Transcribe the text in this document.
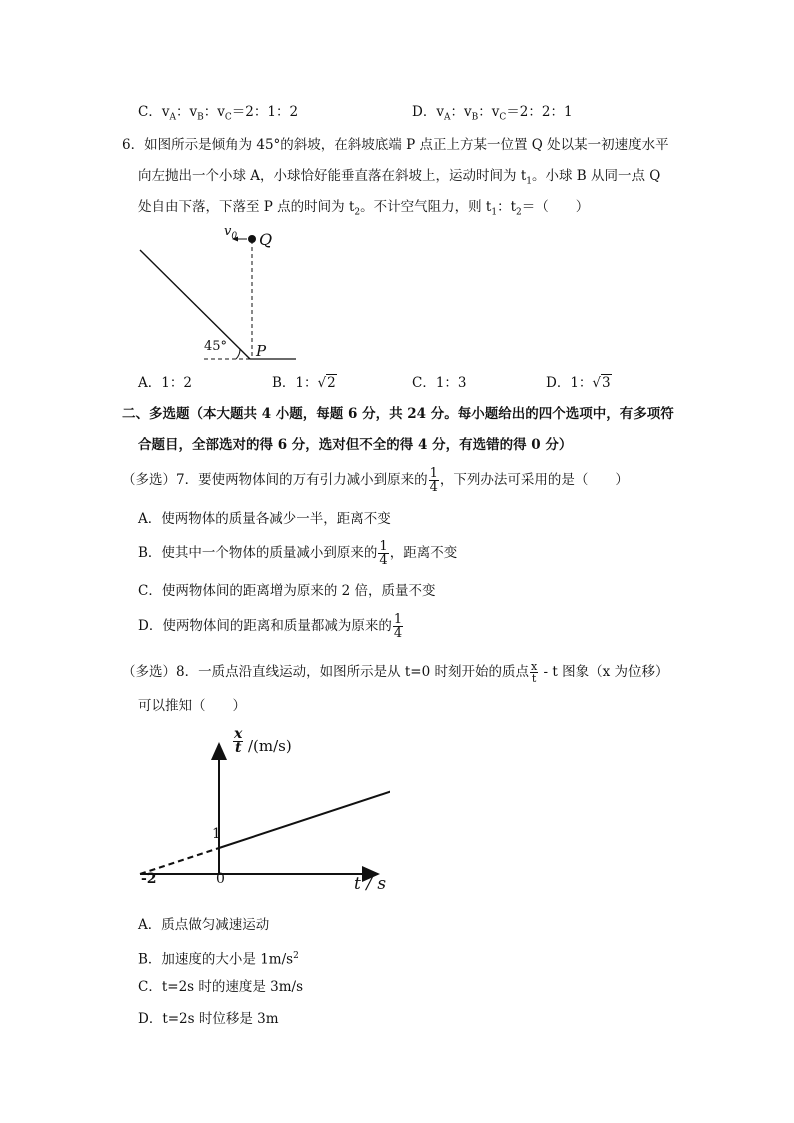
C．$v_A$：$v_B$：$v_C=2$：1：2	D．$v_A$：$v_B$：$v_C=2$：2：1
6．如图所示是倾角为 45°的斜坡，在斜坡底端 P 点正上方某一位置 Q 处以某一初速度水平
向左抛出一个小球 A，小球恰好能垂直落在斜坡上，运动时间为 $t_1$。小球 B 从同一点 Q
处自由下落，下落至 P 点的时间为 $t_2$。不计空气阻力，则 $t_1$：$t_2=$（　　）
$v_0$ Q
P
45°
A．1：2	B．1：√2	C．1：3	D．1：√3
二、多选题（本大题共 4 小题，每题 6 分，共 24 分。每小题给出的四个选项中，有多项符
合题目，全部选对的得 6 分，选对但不全的得 4 分，有选错的得 0 分）
（多选）7．要使两物体间的万有引力减小到原来的 $\frac{1}{4}$ ，下列办法可采用的是（　　）
A．使两物体的质量各减少一半，距离不变
B．使其中一个物体的质量减小到原来的 $\frac{1}{4}$ ，距离不变
C．使两物体间的距离增为原来的 2 倍，质量不变
D．使两物体间的距离和质量都减为原来的 $\frac{1}{4}$
（多选）8．一质点沿直线运动，如图所示是从 t=0 时刻开始的质点 $\frac{x}{t}$ - t 图象（x 为位移）
可以推知（　　）
$\frac{x}{t} /(m/s)$
t / s
0
-2
1
A．质点做匀减速运动
B．加速度的大小是 $1m/s^2$
C．t=2s 时的速度是 3m/s
D．t=2s 时位移是 3m
